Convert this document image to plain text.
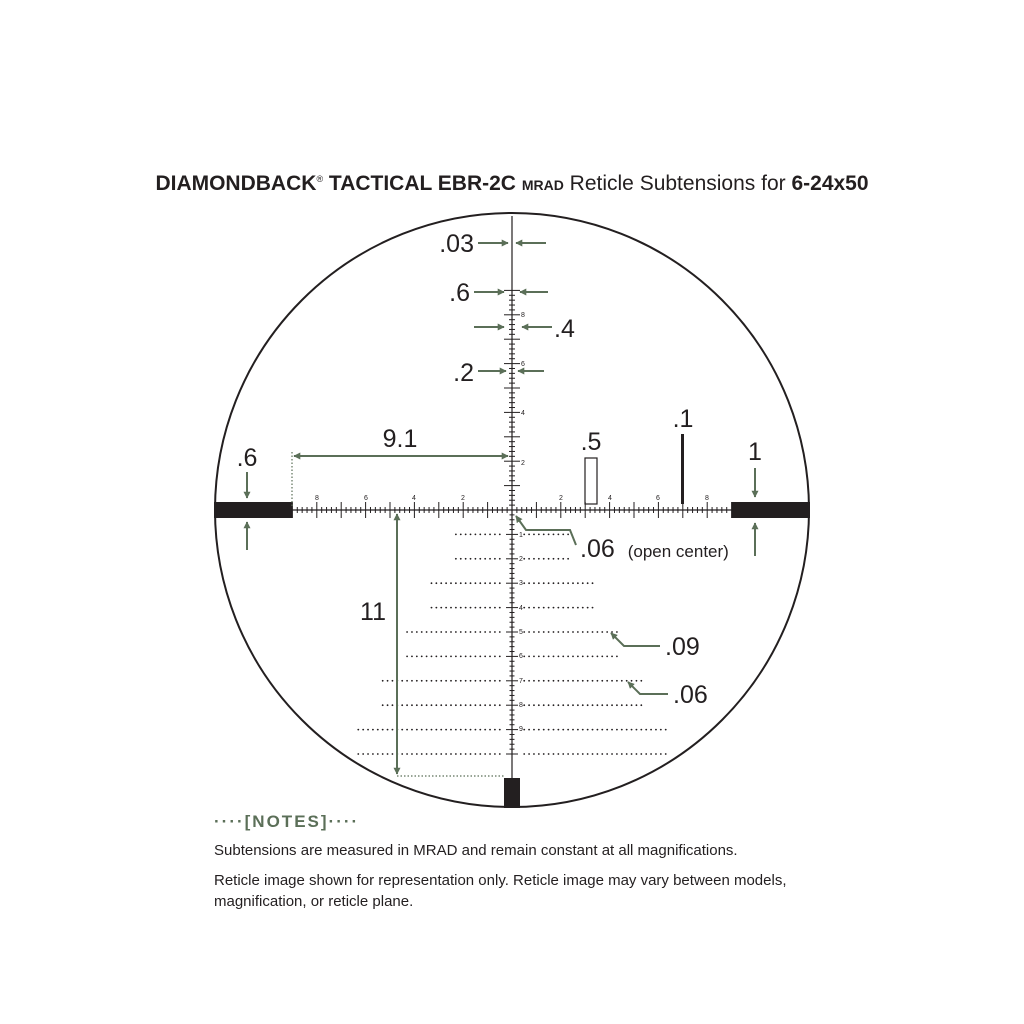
DIAMONDBACK® TACTICAL EBR-2C MRAD Reticle Subtensions for 6-24x50
8	6	4	2	2	4	6	8
2
4
6
8
1
2
3
4
5
6
7
8
9
.03
.6
.4
.2
9.1	.5
.1
.6	1
.06 (open center)
11
.09
.06
····[NOTES]····

Subtensions are measured in MRAD and remain constant at all magnifications.

Reticle image shown for representation only. Reticle image may vary between models, magnification, or reticle plane.
